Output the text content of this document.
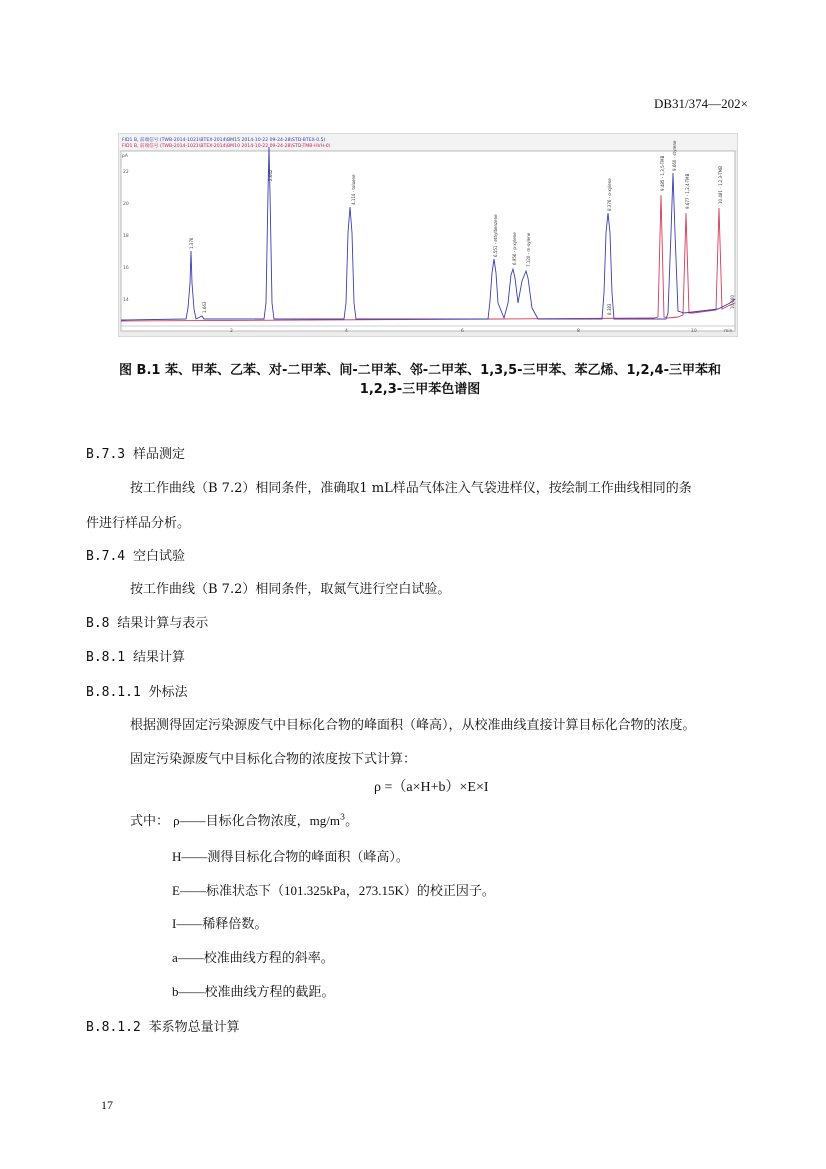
DB31/374—202×
FID1 B, 前端信号 (TWB-2014-1021\BTEX-2014\BM15 2014-10-22 09-24-28\STD-BTEX-0.5)
FID1 B, 前端信号 (TWB-2014-1021\BTEX-2014\BM10 2014-10-22 09-24-28\STD-TMB-HVH-0)
pA
22
20
18
16
14
2	4	6	8	10	min
1.376
1.663
2.642	4.110 - toluene
6.551 - ethylbenzene	6.956 - p-xylene 7.120 - m-xylene
8.376 - o-xylene
8.383
9.485 - 1,3,5-TMB 9.660 - styrene
9.677 - 1,2,4-TMB	10.481 - 1,2,3-TMB
10.660
图 B.1 苯、甲苯、乙苯、对-二甲苯、间-二甲苯、邻-二甲苯、1,3,5-三甲苯、苯乙烯、1,2,4-三甲苯和
1,2,3-三甲苯色谱图
B.7.3 样品测定
按工作曲线（B 7.2）相同条件，准确取1 mL样品气体注入气袋进样仪，按绘制工作曲线相同的条
件进行样品分析。
B.7.4 空白试验
按工作曲线（B 7.2）相同条件，取氮气进行空白试验。
B.8 结果计算与表示
B.8.1 结果计算
B.8.1.1 外标法
根据测得固定污染源废气中目标化合物的峰面积（峰高），从校准曲线直接计算目标化合物的浓度。
固定污染源废气中目标化合物的浓度按下式计算：
ρ =（a×H+b）×E×I
式中： ρ——目标化合物浓度，$mg/m^3$。
H——测得目标化合物的峰面积（峰高）。
E——标准状态下（101.325kPa，273.15K）的校正因子。
I——稀释倍数。
a——校准曲线方程的斜率。
b——校准曲线方程的截距。
B.8.1.2 苯系物总量计算
17
